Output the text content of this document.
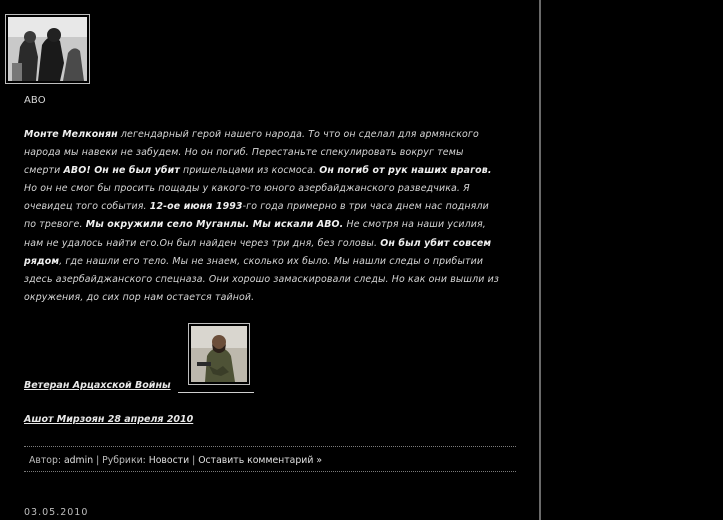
АВО
Монте Мелконян легендарный герой нашего народа. То что он сделал для армянского
народа мы навеки не забудем. Но он погиб. Перестаньте спекулировать вокруг темы
смерти АВО! Он не был убит пришельцами из космоса. Он погиб от рук наших врагов.
Но он не смог бы просить пощады у какого-то юного азербайджанского разведчика. Я
очевидец того события. 12-ое июня 1993-го года примерно в три часа днем нас подняли
по тревоге. Мы окружили село Муганлы. Мы искали АВО. Не смотря на наши усилия,
нам не удалось найти его.Он был найден через три дня, без головы. Он был убит совсем
рядом, где нашли его тело. Мы не знаем, сколько их было. Мы нашли следы о прибытии
здесь азербайджанского спецназа. Они хорошо замаскировали следы. Но как они вышли из
окружения, до сих пор нам остается тайной.
Ветеран Арцахской Войны
Ашот Мирзоян 28 апреля 2010
Автор: admin | Рубрики: Новости | Оставить комментарий »
03.05.2010
